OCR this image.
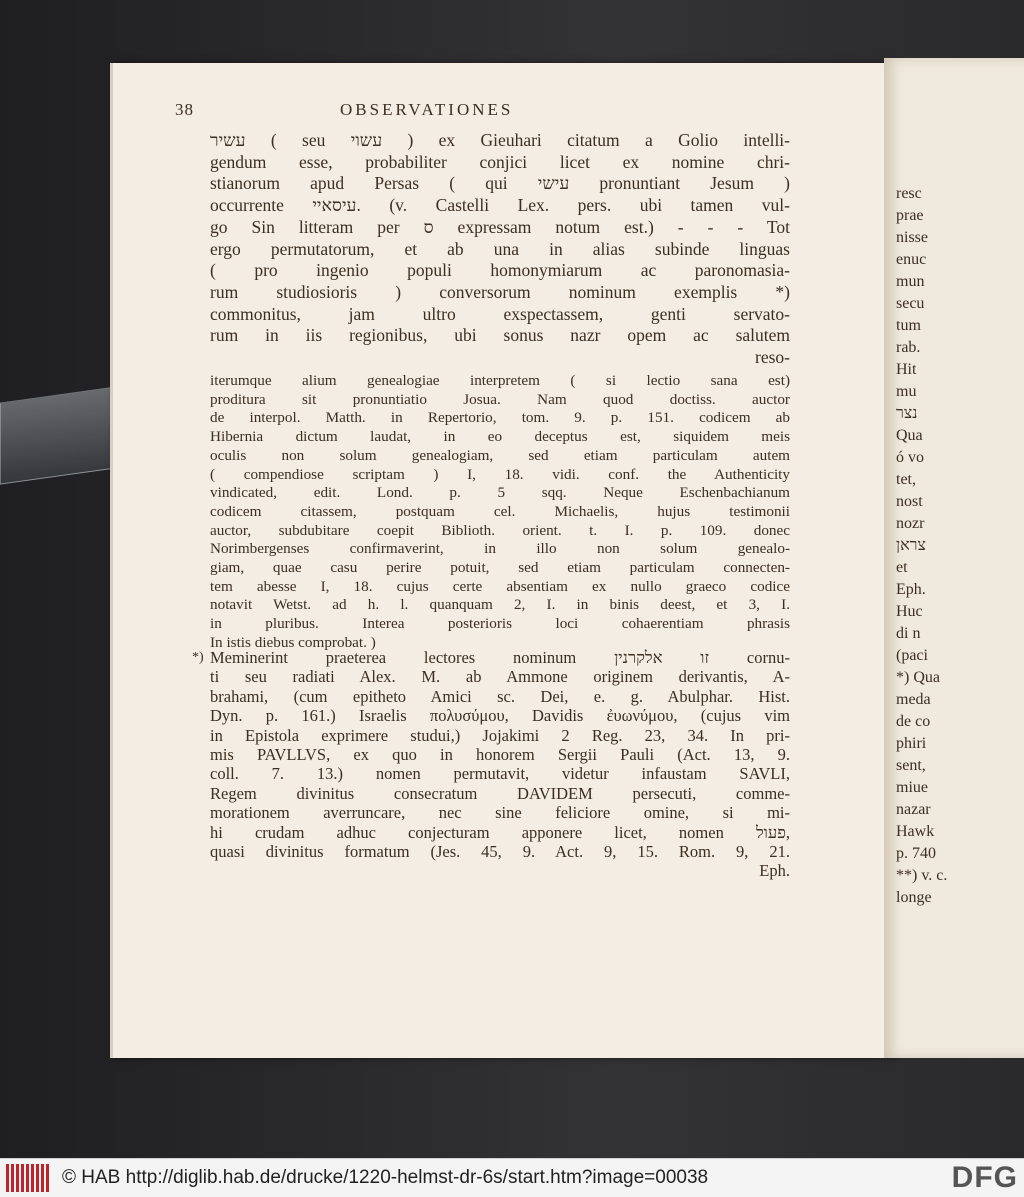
resc
prae
nisse
enuc
mun
secu
tum
rab.
Hit
mu
נצר
Qua
ó vo
tet,
nost
nozr
צראן
et
Eph.
Huc
di n
(paci
*) Qua
meda
de co
phiri
sent,
miue
nazar
Hawk
p. 740
**) v. c.
longe
38	OBSERVATIONES
עשיר ( seu עשוי ) ex Gieuhari citatum a Golio intelli-
gendum esse, probabiliter conjici licet ex nomine chri-
stianorum apud Persas ( qui עישי pronuntiant Jesum )
occurrente עיסאיי. (v. Castelli Lex. pers. ubi tamen vul-
go Sin litteram per ס expressam notum est.) - - - Tot
ergo permutatorum, et ab una in alias subinde linguas
( pro ingenio populi homonymiarum ac paronomasia-
rum studiosioris ) conversorum nominum exemplis *)
commonitus, jam ultro exspectassem, genti servato-
rum in iis regionibus, ubi sonus nazr opem ac salutem
reso-
iterumque alium genealogiae interpretem ( si lectio sana est)
proditura sit pronuntiatio Josua. Nam quod doctiss. auctor
de interpol. Matth. in Repertorio, tom. 9. p. 151. codicem ab
Hibernia dictum laudat, in eo deceptus est, siquidem meis
oculis non solum genealogiam, sed etiam particulam autem
( compendiose scriptam ) I, 18. vidi. conf. the Authenticity
vindicated, edit. Lond. p. 5 sqq. Neque Eschenbachianum
codicem citassem, postquam cel. Michaelis, hujus testimonii
auctor, subdubitare coepit Biblioth. orient. t. I. p. 109. donec
Norimbergenses confirmaverint, in illo non solum genealo-
giam, quae casu perire potuit, sed etiam particulam connecten-
tem abesse I, 18. cujus certe absentiam ex nullo graeco codice
notavit Wetst. ad h. l. quanquam 2, I. in binis deest, et 3, I.
in pluribus. Interea posterioris loci cohaerentiam phrasis
In istis diebus comprobat. )
*) Meminerint praeterea lectores nominum זו אלקרנין cornu-
ti seu radiati Alex. M. ab Ammone originem derivantis, A-
brahami, (cum epitheto Amici sc. Dei, e. g. Abulphar. Hist.
Dyn. p. 161.) Israelis πολυσύμου, Davidis ἐυωνύμου, (cujus vim
in Epistola exprimere studui,) Jojakimi 2 Reg. 23, 34. In pri-
mis PAVLLVS, ex quo in honorem Sergii Pauli (Act. 13, 9.
coll. 7. 13.) nomen permutavit, videtur infaustam SAVLI,
Regem divinitus consecratum DAVIDEM persecuti, comme-
morationem averruncare, nec sine feliciore omine, si mi-
hi crudam adhuc conjecturam apponere licet, nomen פעול,
quasi divinitus formatum (Jes. 45, 9. Act. 9, 15. Rom. 9, 21.
Eph.
© HAB http://diglib.hab.de/drucke/1220-helmst-dr-6s/start.htm?image=00038	DFG
